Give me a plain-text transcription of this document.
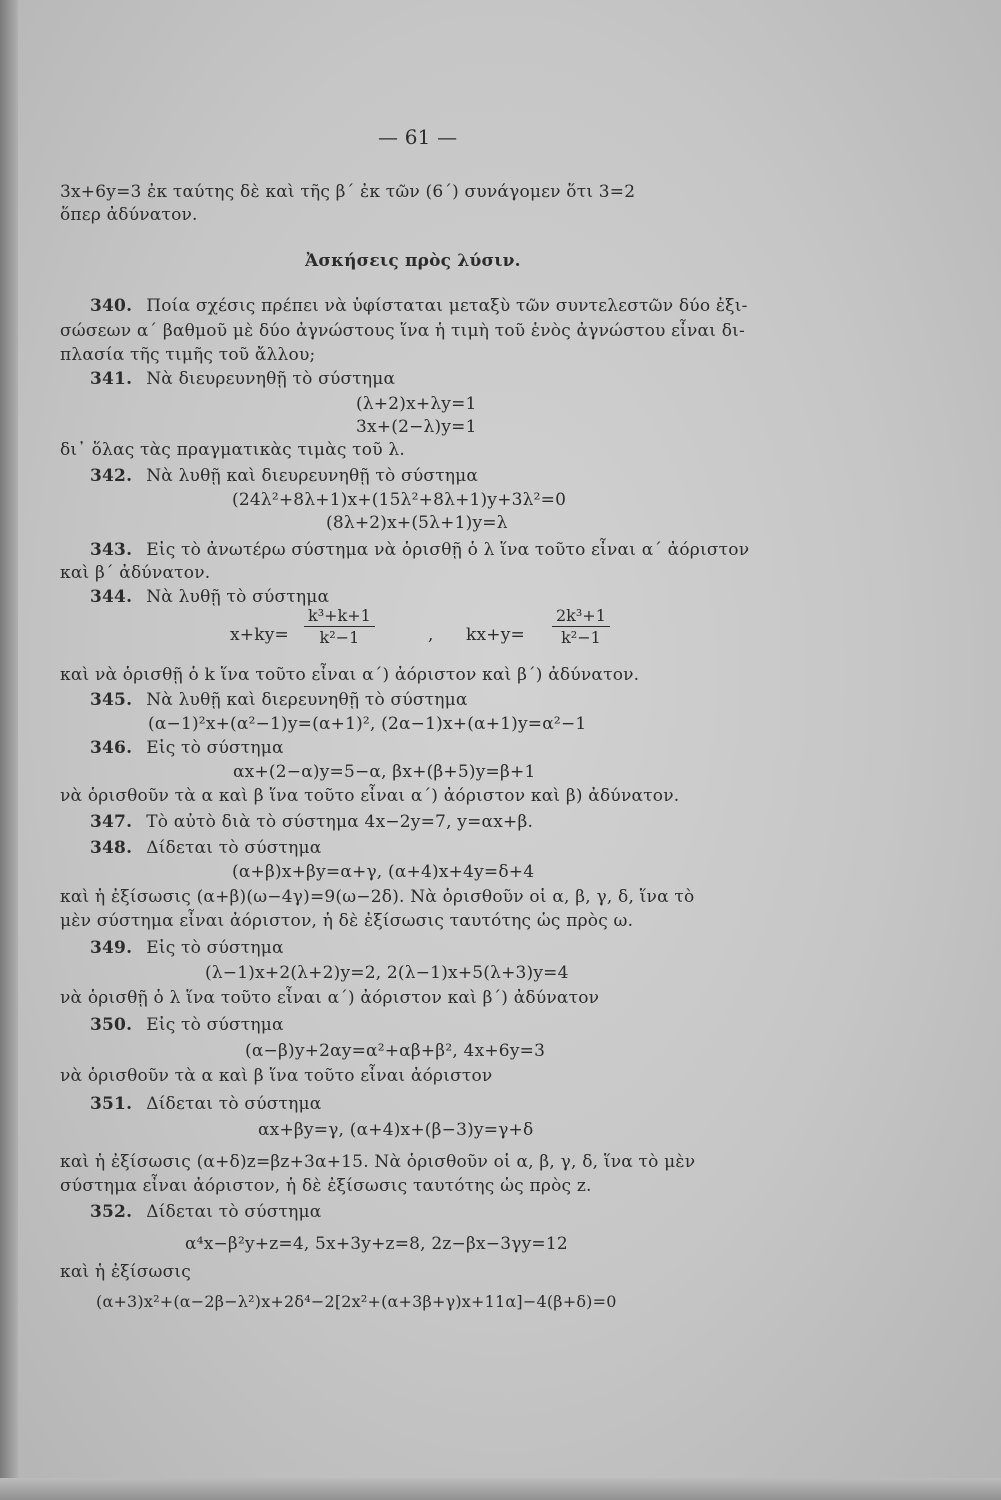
— 61 —
3x+6y=3 ἐκ ταύτης δὲ καὶ τῆς β΄ ἐκ τῶν (6΄) συνάγομεν ὅτι 3=2
ὅπερ ἀδύνατον.
Ἀσκήσεις πρὸς λύσιν.
340. Ποία σχέσις πρέπει νὰ ὑφίσταται μεταξὺ τῶν συντελεστῶν δύο ἐξι-
σώσεων α΄ βαθμοῦ μὲ δύο ἀγνώστους ἵνα ἡ τιμὴ τοῦ ἑνὸς ἀγνώστου εἶναι δι-
πλασία τῆς τιμῆς τοῦ ἄλλου;
341. Νὰ διευρευνηθῇ τὸ σύστημα
(λ+2)x+λy=1
3x+(2−λ)y=1
δι᾿ ὅλας τὰς πραγματικὰς τιμὰς τοῦ λ.
342. Νὰ λυθῇ καὶ διευρευνηθῇ τὸ σύστημα
(24λ²+8λ+1)x+(15λ²+8λ+1)y+3λ²=0
(8λ+2)x+(5λ+1)y=λ
343. Εἰς τὸ ἀνωτέρω σύστημα νὰ ὁρισθῇ ὁ λ ἵνα τοῦτο εἶναι α΄ ἀόριστον
καὶ β΄ ἀδύνατον.
344. Νὰ λυθῇ τὸ σύστημα
$x+ky= \frac{\text{k³+k+1}}{\text{k²−1}}$	, $kx+y= \frac{\text{2k³+1}}{\text{k²−1}}$
καὶ νὰ ὁρισθῇ ὁ k ἵνα τοῦτο εἶναι α΄) ἀόριστον καὶ β΄) ἀδύνατον.
345. Νὰ λυθῇ καὶ διερευνηθῇ τὸ σύστημα
(α−1)²x+(α²−1)y=(α+1)², (2α−1)x+(α+1)y=α²−1
346. Εἰς τὸ σύστημα
αx+(2−α)y=5−α, βx+(β+5)y=β+1
νὰ ὁρισθοῦν τὰ α καὶ β ἵνα τοῦτο εἶναι α΄) ἀόριστον καὶ β) ἀδύνατον.
347. Τὸ αὐτὸ διὰ τὸ σύστημα 4x−2y=7, y=αx+β.
348. Δίδεται τὸ σύστημα
(α+β)x+βy=α+γ, (α+4)x+4y=δ+4
καὶ ἡ ἐξίσωσις (α+β)(ω−4γ)=9(ω−2δ). Νὰ ὁρισθοῦν οἱ α, β, γ, δ, ἵνα τὸ
μὲν σύστημα εἶναι ἀόριστον, ἡ δὲ ἐξίσωσις ταυτότης ὡς πρὸς ω.
349. Εἰς τὸ σύστημα
(λ−1)x+2(λ+2)y=2, 2(λ−1)x+5(λ+3)y=4
νὰ ὁρισθῇ ὁ λ ἵνα τοῦτο εἶναι α΄) ἀόριστον καὶ β΄) ἀδύνατον
350. Εἰς τὸ σύστημα
(α−β)y+2αy=α²+αβ+β², 4x+6y=3
νὰ ὁρισθοῦν τὰ α καὶ β ἵνα τοῦτο εἶναι ἀόριστον
351. Δίδεται τὸ σύστημα
αx+βy=γ, (α+4)x+(β−3)y=γ+δ
καὶ ἡ ἐξίσωσις (α+δ)z=βz+3α+15. Νὰ ὁρισθοῦν οἱ α, β, γ, δ, ἵνα τὸ μὲν
σύστημα εἶναι ἀόριστον, ἡ δὲ ἐξίσωσις ταυτότης ὡς πρὸς z.
352. Δίδεται τὸ σύστημα
α⁴x−β²y+z=4, 5x+3y+z=8, 2z−βx−3γy=12
καὶ ἡ ἐξίσωσις
(α+3)x²+(α−2β−λ²)x+2δ⁴−2[2x²+(α+3β+γ)x+11α]−4(β+δ)=0
